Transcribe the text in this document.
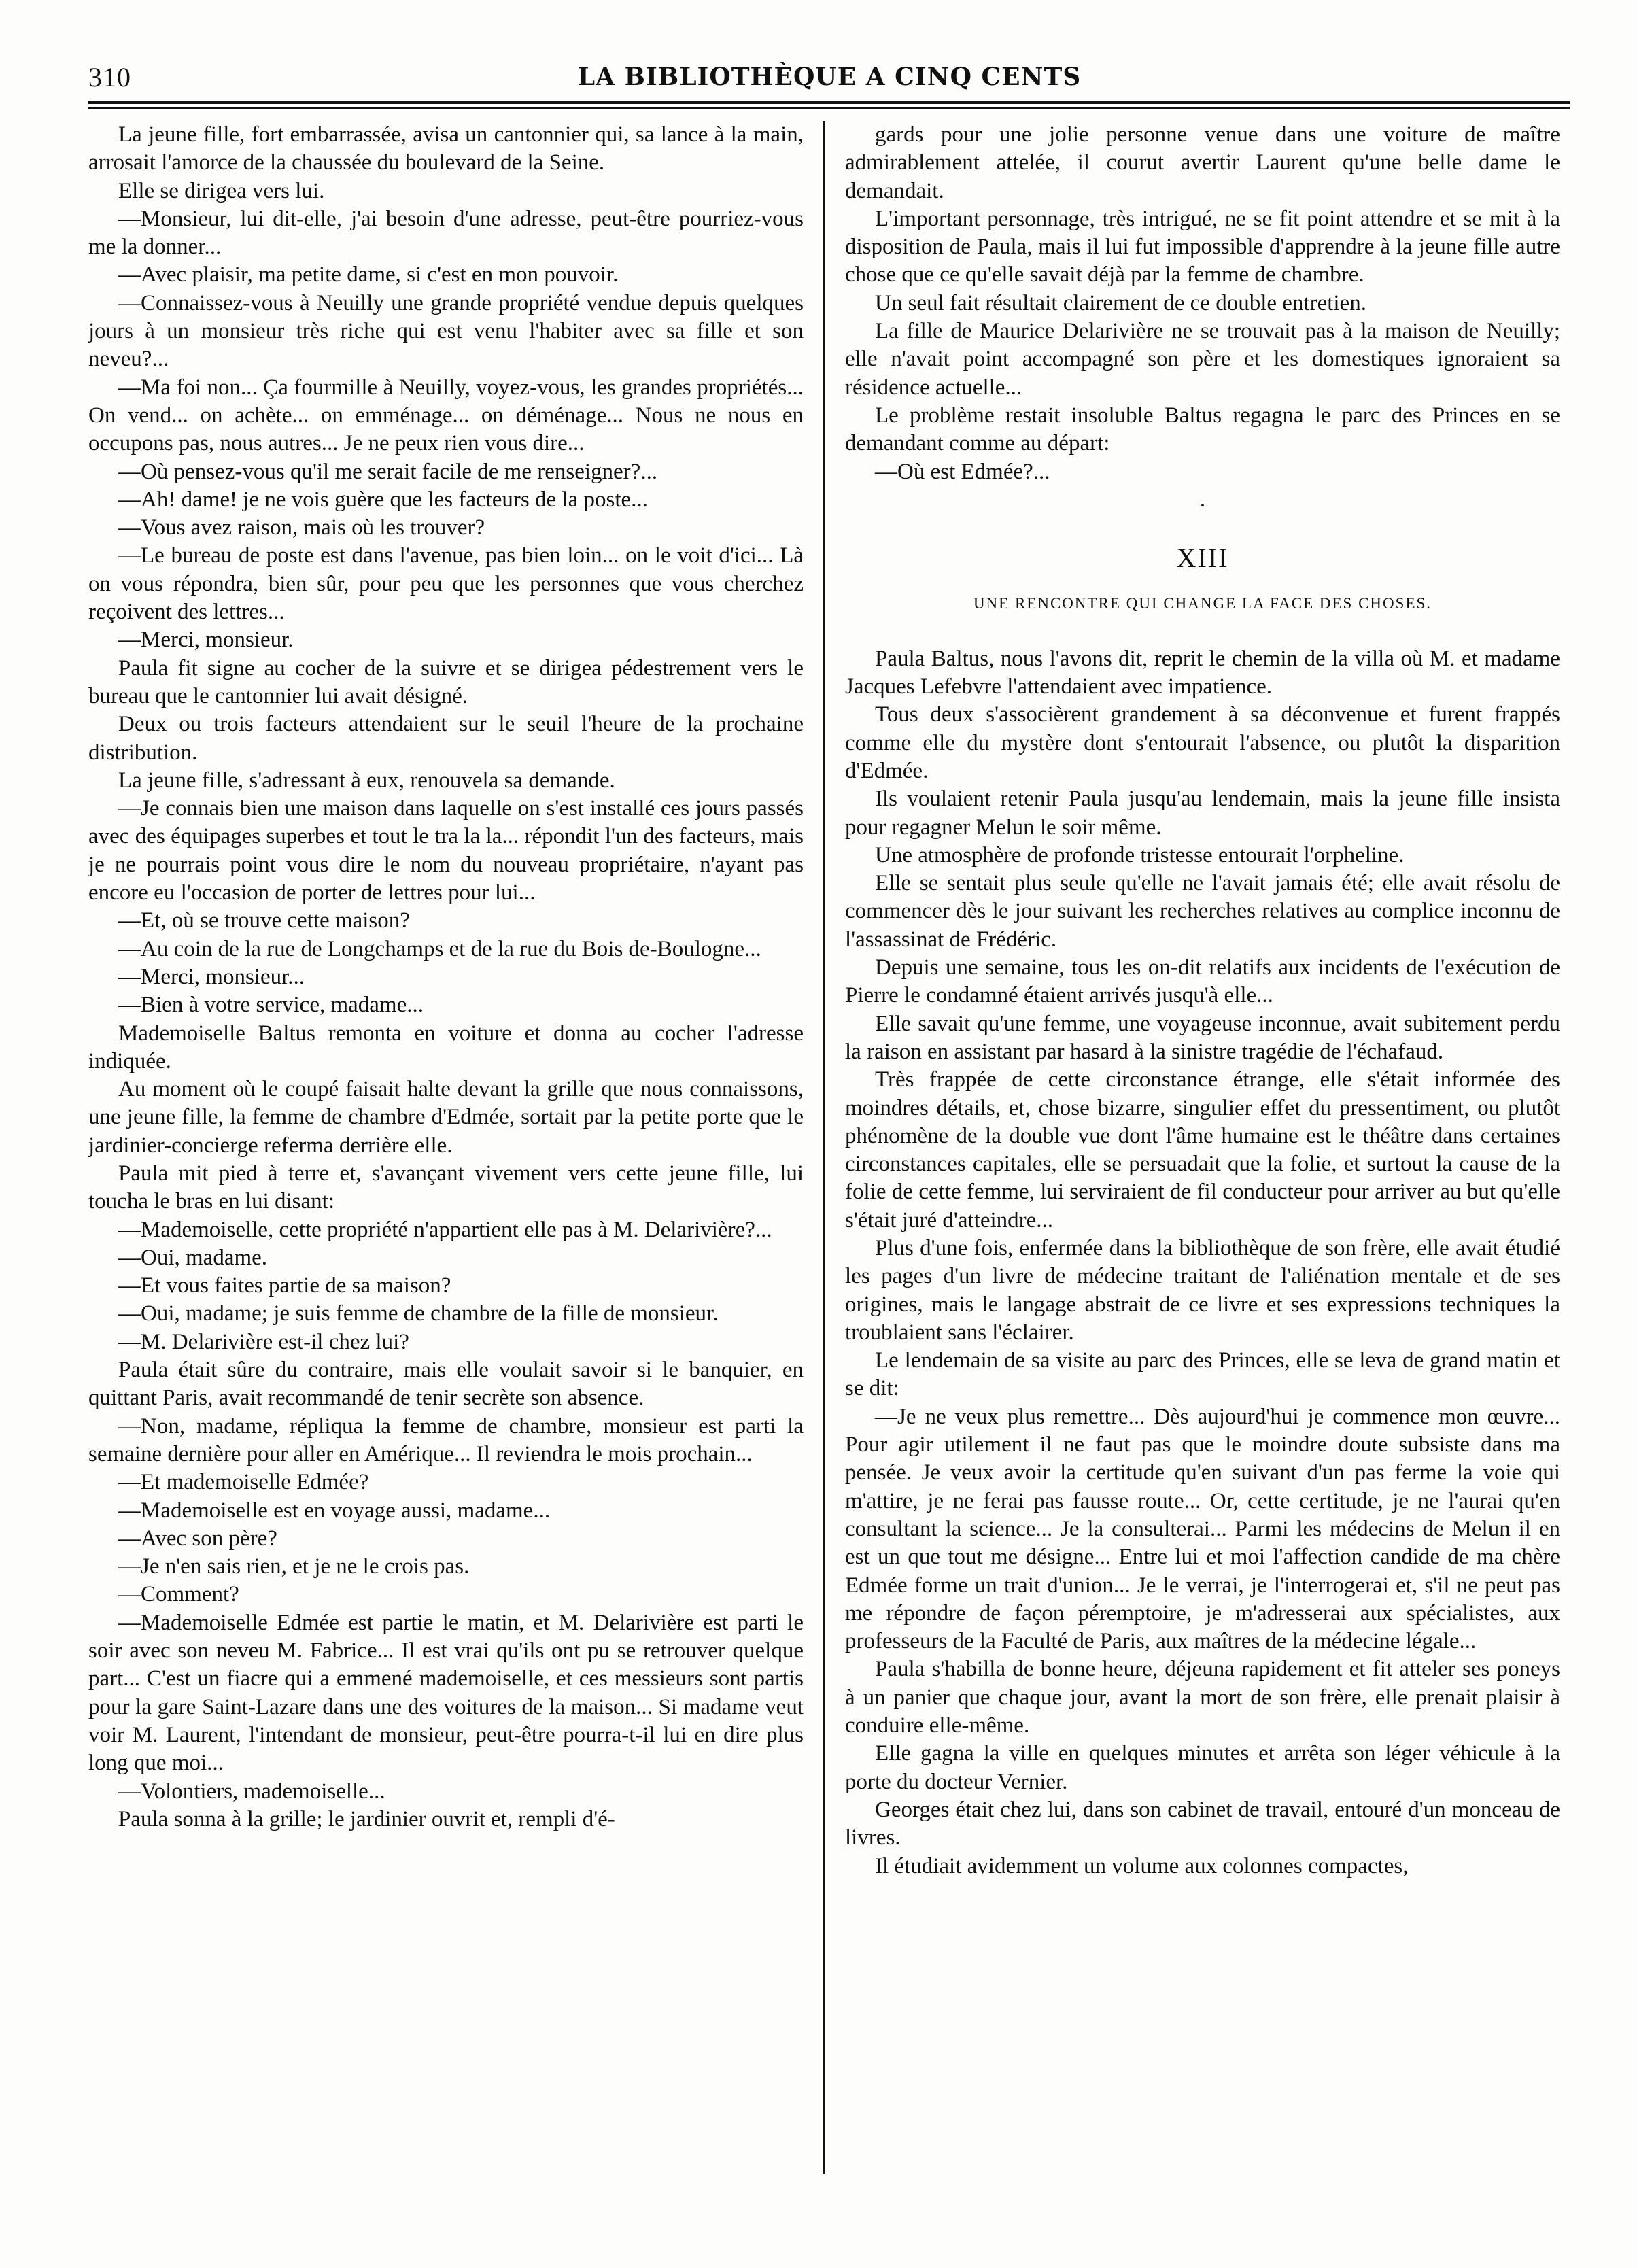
310	LA BIBLIOTHÈQUE A CINQ CENTS

La jeune fille, fort embarrassée, avisa un cantonnier qui, sa lance à la main, arrosait l'amorce de la chaussée du boulevard de la Seine.

Elle se dirigea vers lui.

—Monsieur, lui dit-elle, j'ai besoin d'une adresse, peut-être pourriez-vous me la donner...

—Avec plaisir, ma petite dame, si c'est en mon pouvoir.

—Connaissez-vous à Neuilly une grande propriété vendue depuis quelques jours à un monsieur très riche qui est venu l'habiter avec sa fille et son neveu?...

—Ma foi non... Ça fourmille à Neuilly, voyez-vous, les grandes propriétés... On vend... on achète... on emménage... on déménage... Nous ne nous en occupons pas, nous autres... Je ne peux rien vous dire...

—Où pensez-vous qu'il me serait facile de me renseigner?...

—Ah! dame! je ne vois guère que les facteurs de la poste...

—Vous avez raison, mais où les trouver?

—Le bureau de poste est dans l'avenue, pas bien loin... on le voit d'ici... Là on vous répondra, bien sûr, pour peu que les personnes que vous cherchez reçoivent des lettres...

—Merci, monsieur.

Paula fit signe au cocher de la suivre et se dirigea pédestrement vers le bureau que le cantonnier lui avait désigné.

Deux ou trois facteurs attendaient sur le seuil l'heure de la prochaine distribution.

La jeune fille, s'adressant à eux, renouvela sa demande.

—Je connais bien une maison dans laquelle on s'est installé ces jours passés avec des équipages superbes et tout le tra la la... répondit l'un des facteurs, mais je ne pourrais point vous dire le nom du nouveau propriétaire, n'ayant pas encore eu l'occasion de porter de lettres pour lui...

—Et, où se trouve cette maison?

—Au coin de la rue de Longchamps et de la rue du Bois de-Boulogne...

—Merci, monsieur...

—Bien à votre service, madame...

Mademoiselle Baltus remonta en voiture et donna au cocher l'adresse indiquée.

Au moment où le coupé faisait halte devant la grille que nous connaissons, une jeune fille, la femme de chambre d'Edmée, sortait par la petite porte que le jardinier-concierge referma derrière elle.

Paula mit pied à terre et, s'avançant vivement vers cette jeune fille, lui toucha le bras en lui disant:

—Mademoiselle, cette propriété n'appartient elle pas à M. Delarivière?...

—Oui, madame.

—Et vous faites partie de sa maison?

—Oui, madame; je suis femme de chambre de la fille de monsieur.

—M. Delarivière est-il chez lui?

Paula était sûre du contraire, mais elle voulait savoir si le banquier, en quittant Paris, avait recommandé de tenir secrète son absence.

—Non, madame, répliqua la femme de chambre, monsieur est parti la semaine dernière pour aller en Amérique... Il reviendra le mois prochain...

—Et mademoiselle Edmée?

—Mademoiselle est en voyage aussi, madame...

—Avec son père?

—Je n'en sais rien, et je ne le crois pas.

—Comment?

—Mademoiselle Edmée est partie le matin, et M. Delarivière est parti le soir avec son neveu M. Fabrice... Il est vrai qu'ils ont pu se retrouver quelque part... C'est un fiacre qui a emmené mademoiselle, et ces messieurs sont partis pour la gare Saint-Lazare dans une des voitures de la maison... Si madame veut voir M. Laurent, l'intendant de monsieur, peut-être pourra-t-il lui en dire plus long que moi...

—Volontiers, mademoiselle...

Paula sonna à la grille; le jardinier ouvrit et, rempli d'é-

gards pour une jolie personne venue dans une voiture de maître admirablement attelée, il courut avertir Laurent qu'une belle dame le demandait.

L'important personnage, très intrigué, ne se fit point attendre et se mit à la disposition de Paula, mais il lui fut impossible d'apprendre à la jeune fille autre chose que ce qu'elle savait déjà par la femme de chambre.

Un seul fait résultait clairement de ce double entretien.

La fille de Maurice Delarivière ne se trouvait pas à la maison de Neuilly; elle n'avait point accompagné son père et les domestiques ignoraient sa résidence actuelle...

Le problème restait insoluble Baltus regagna le parc des Princes en se demandant comme au départ:

—Où est Edmée?...

.

XIII
UNE RENCONTRE QUI CHANGE LA FACE DES CHOSES.

Paula Baltus, nous l'avons dit, reprit le chemin de la villa où M. et madame Jacques Lefebvre l'attendaient avec impatience.

Tous deux s'associèrent grandement à sa déconvenue et furent frappés comme elle du mystère dont s'entourait l'absence, ou plutôt la disparition d'Edmée.

Ils voulaient retenir Paula jusqu'au lendemain, mais la jeune fille insista pour regagner Melun le soir même.

Une atmosphère de profonde tristesse entourait l'orpheline.

Elle se sentait plus seule qu'elle ne l'avait jamais été; elle avait résolu de commencer dès le jour suivant les recherches relatives au complice inconnu de l'assassinat de Frédéric.

Depuis une semaine, tous les on-dit relatifs aux incidents de l'exécution de Pierre le condamné étaient arrivés jusqu'à elle...

Elle savait qu'une femme, une voyageuse inconnue, avait subitement perdu la raison en assistant par hasard à la sinistre tragédie de l'échafaud.

Très frappée de cette circonstance étrange, elle s'était informée des moindres détails, et, chose bizarre, singulier effet du pressentiment, ou plutôt phénomène de la double vue dont l'âme humaine est le théâtre dans certaines circonstances capitales, elle se persuadait que la folie, et surtout la cause de la folie de cette femme, lui serviraient de fil conducteur pour arriver au but qu'elle s'était juré d'atteindre...

Plus d'une fois, enfermée dans la bibliothèque de son frère, elle avait étudié les pages d'un livre de médecine traitant de l'aliénation mentale et de ses origines, mais le langage abstrait de ce livre et ses expressions techniques la troublaient sans l'éclairer.

Le lendemain de sa visite au parc des Princes, elle se leva de grand matin et se dit:

—Je ne veux plus remettre... Dès aujourd'hui je commence mon œuvre... Pour agir utilement il ne faut pas que le moindre doute subsiste dans ma pensée. Je veux avoir la certitude qu'en suivant d'un pas ferme la voie qui m'attire, je ne ferai pas fausse route... Or, cette certitude, je ne l'aurai qu'en consultant la science... Je la consulterai... Parmi les médecins de Melun il en est un que tout me désigne... Entre lui et moi l'affection candide de ma chère Edmée forme un trait d'union... Je le verrai, je l'interrogerai et, s'il ne peut pas me répondre de façon péremptoire, je m'adresserai aux spécialistes, aux professeurs de la Faculté de Paris, aux maîtres de la médecine légale...

Paula s'habilla de bonne heure, déjeuna rapidement et fit atteler ses poneys à un panier que chaque jour, avant la mort de son frère, elle prenait plaisir à conduire elle-même.

Elle gagna la ville en quelques minutes et arrêta son léger véhicule à la porte du docteur Vernier.

Georges était chez lui, dans son cabinet de travail, entouré d'un monceau de livres.

Il étudiait avidemment un volume aux colonnes compactes,
